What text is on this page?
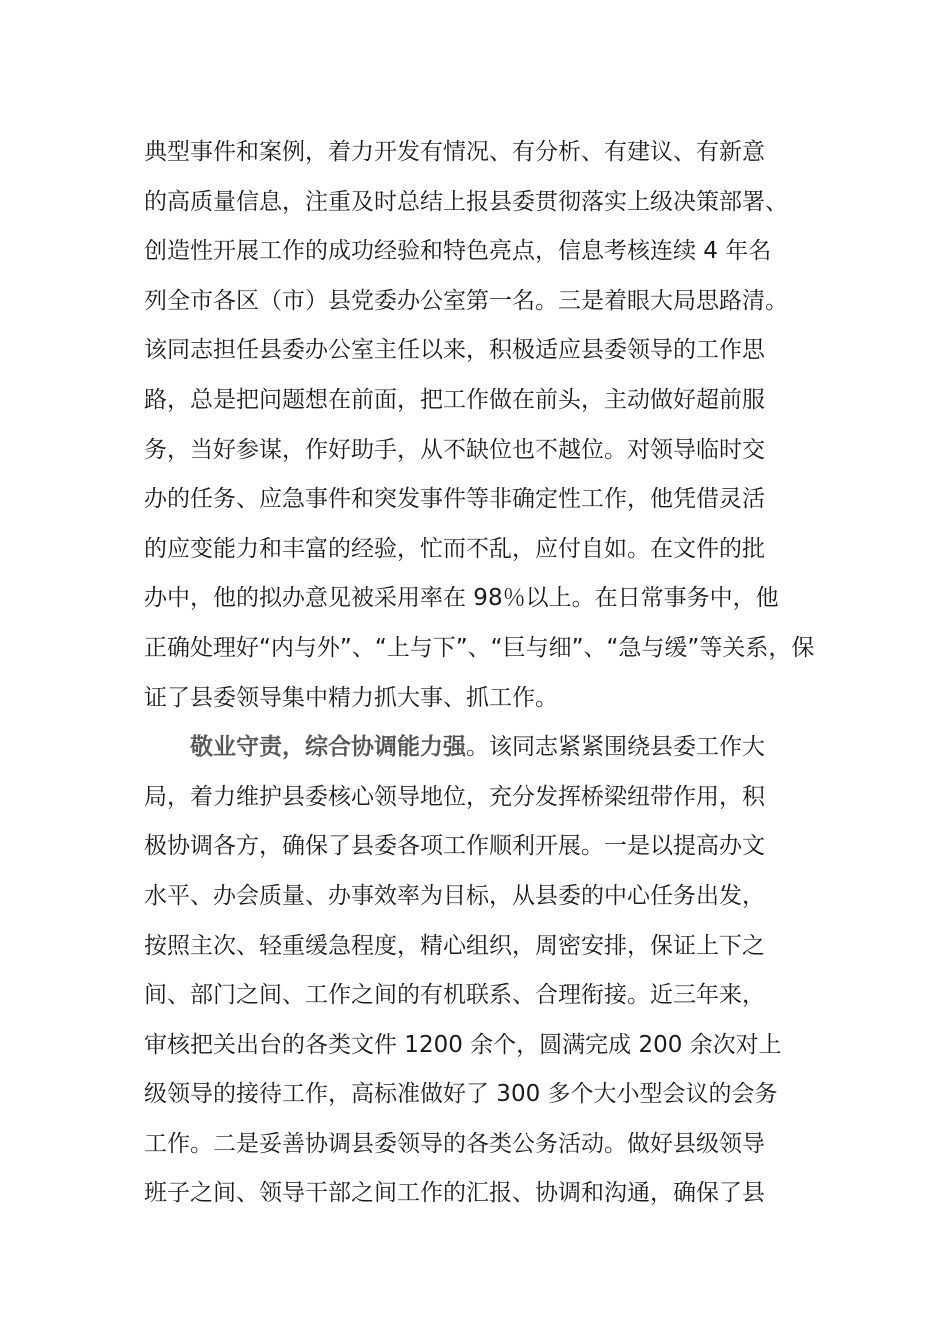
典型事件和案例，着力开发有情况、有分析、有建议、有新意
的高质量信息，注重及时总结上报县委贯彻落实上级决策部署、
创造性开展工作的成功经验和特色亮点，信息考核连续 4 年名
列全市各区（市）县党委办公室第一名。三是着眼大局思路清。
该同志担任县委办公室主任以来，积极适应县委领导的工作思
路，总是把问题想在前面，把工作做在前头，主动做好超前服
务，当好参谋，作好助手，从不缺位也不越位。对领导临时交
办的任务、应急事件和突发事件等非确定性工作，他凭借灵活
的应变能力和丰富的经验，忙而不乱，应付自如。在文件的批
办中，他的拟办意见被采用率在 98％以上。在日常事务中，他
正确处理好“内与外”、“上与下”、“巨与细”、“急与缓”等关系，保
证了县委领导集中精力抓大事、抓工作。
敬业守责，综合协调能力强。该同志紧紧围绕县委工作大
局，着力维护县委核心领导地位，充分发挥桥梁纽带作用，积
极协调各方，确保了县委各项工作顺利开展。一是以提高办文
水平、办会质量、办事效率为目标，从县委的中心任务出发，
按照主次、轻重缓急程度，精心组织，周密安排，保证上下之
间、部门之间、工作之间的有机联系、合理衔接。近三年来，
审核把关出台的各类文件 1200 余个，圆满完成 200 余次对上
级领导的接待工作，高标准做好了 300 多个大小型会议的会务
工作。二是妥善协调县委领导的各类公务活动。做好县级领导
班子之间、领导干部之间工作的汇报、协调和沟通，确保了县
